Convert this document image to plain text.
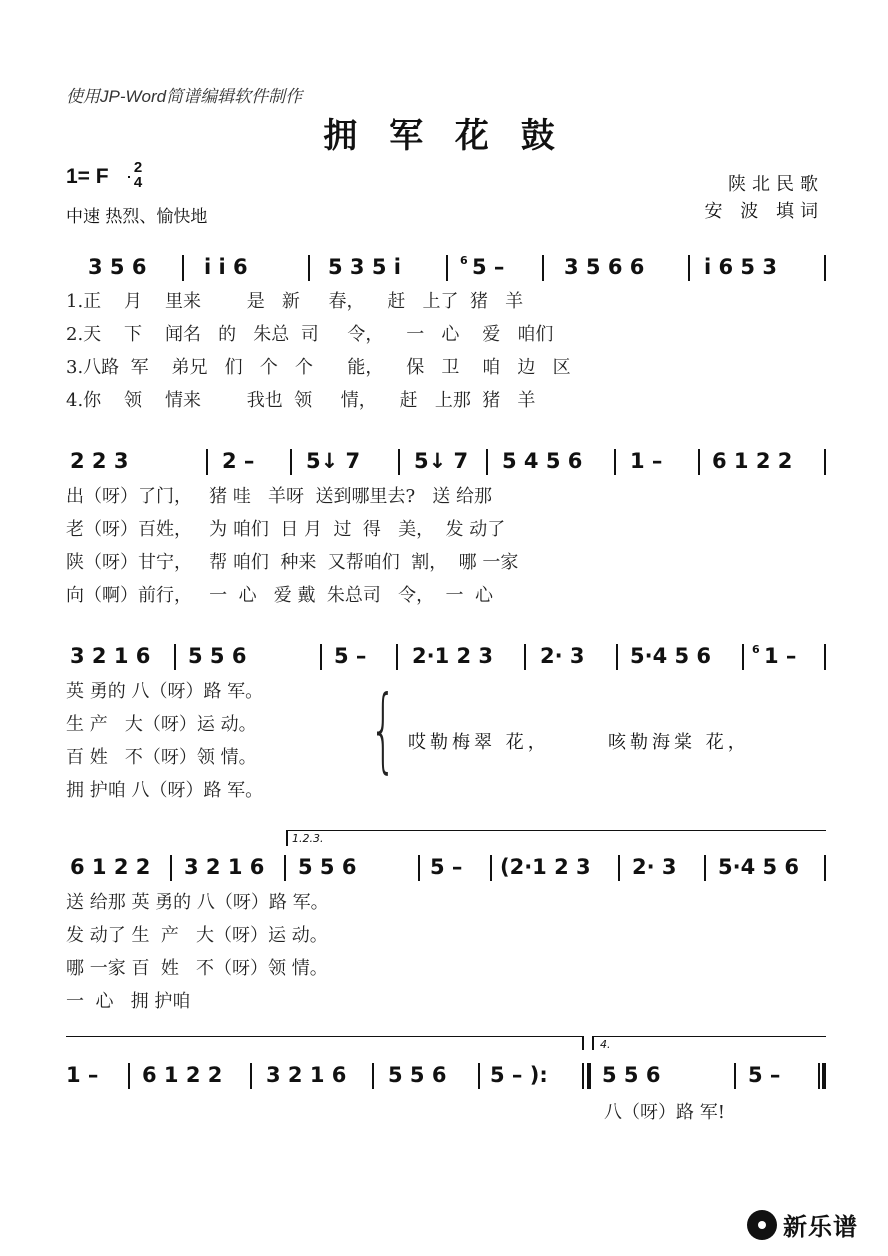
使用JP-Word简谱编辑软件制作
拥 军 花 鼓
1= F	2
4
中速 热烈、愉快地
陕北民歌
安 波 填词
3 5 6	i i 6	5 3 5 i	6 5 –	3 5 6 6	i 6 5 3
1.正    月    里来        是   新     春，    赶   上了  猪   羊
2.天    下    闻名   的   朱总  司     令，    一   心    爱   咱们
3.八路  军    弟兄   们   个   个      能，    保   卫    咱   边   区
4.你    领    情来        我也  领     情，    赶   上那  猪   羊
2 2 3	2 – 5↓ 7	5↓ 7 5 4 5 6 1 – 6 1 2 2
出（呀）了门，   猪 哇   羊呀  送到哪里去?   送 给那
老（呀）百姓，   为 咱们  日 月  过  得   美，  发 动了
陕（呀）甘宁，   帮 咱们  种来  又帮咱们  割，  哪 一家
向（啊）前行，   一  心   爱 戴  朱总司   令，  一  心
3 2 1 6 5 5 6	5 – 2·1 2 3 2· 3 5·4 5 6	6 1 –
英 勇的 八（呀）路 军。
生 产   大（呀）运 动。
百 姓   不（呀）领 情。
拥 护咱 八（呀）路 军。
{ 哎勒梅翠 花，      咳勒海棠 花，
1.2.3.
6 1 2 2 3 2 1 6 5 5 6	5 – (2·1 2 3 2· 3 5·4 5 6
送 给那 英 勇的 八（呀）路 军。
发 动了 生  产   大（呀）运 动。
哪 一家 百  姓   不（呀）领 情。
一  心   拥 护咱
4.
1 – 6 1 2 2 3 2 1 6 5 5 6 5 – ):	5 5 6	5 –
八（呀）路 军!
新乐谱
